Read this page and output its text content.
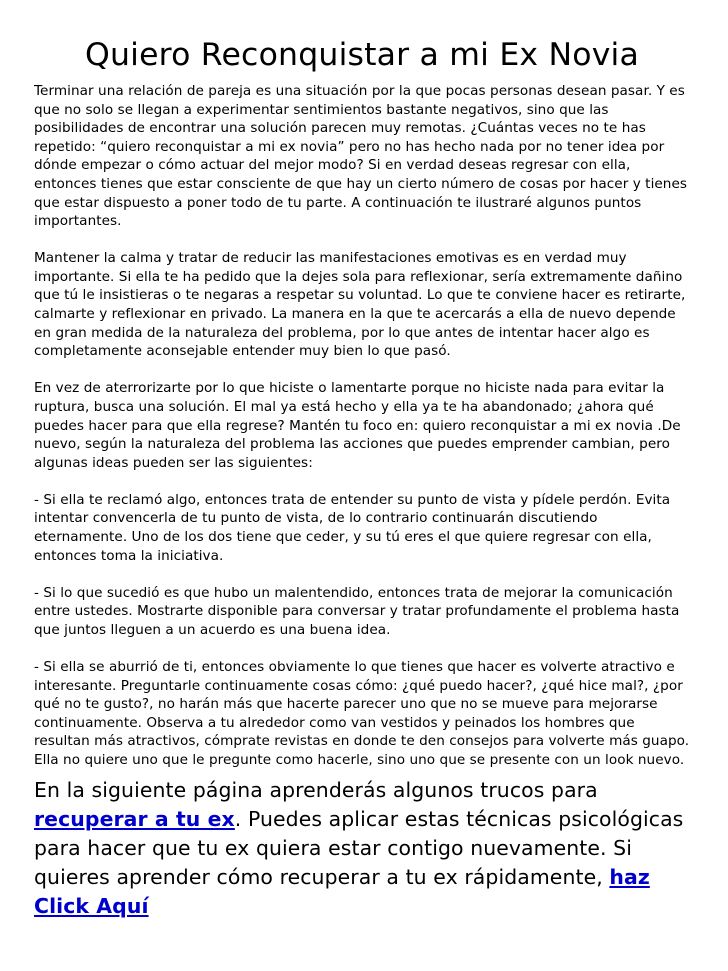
Quiero Reconquistar a mi Ex Novia

Terminar una relación de pareja es una situación por la que pocas personas desean pasar. Y es que no solo se llegan a experimentar sentimientos bastante negativos, sino que las posibilidades de encontrar una solución parecen muy remotas. ¿Cuántas veces no te has repetido: “quiero reconquistar a mi ex novia” pero no has hecho nada por no tener idea por dónde empezar o cómo actuar del mejor modo? Si en verdad deseas regresar con ella, entonces tienes que estar consciente de que hay un cierto número de cosas por hacer y tienes que estar dispuesto a poner todo de tu parte. A continuación te ilustraré algunos puntos importantes.

Mantener la calma y tratar de reducir las manifestaciones emotivas es en verdad muy importante. Si ella te ha pedido que la dejes sola para reflexionar, sería extremamente dañino que tú le insistieras o te negaras a respetar su voluntad. Lo que te conviene hacer es retirarte, calmarte y reflexionar en privado. La manera en la que te acercarás a ella de nuevo depende en gran medida de la naturaleza del problema, por lo que antes de intentar hacer algo es completamente aconsejable entender muy bien lo que pasó.

En vez de aterrorizarte por lo que hiciste o lamentarte porque no hiciste nada para evitar la ruptura, busca una solución. El mal ya está hecho y ella ya te ha abandonado; ¿ahora qué puedes hacer para que ella regrese? Mantén tu foco en: quiero reconquistar a mi ex novia .De nuevo, según la naturaleza del problema las acciones que puedes emprender cambian, pero algunas ideas pueden ser las siguientes:

- Si ella te reclamó algo, entonces trata de entender su punto de vista y pídele perdón. Evita intentar convencerla de tu punto de vista, de lo contrario continuarán discutiendo eternamente. Uno de los dos tiene que ceder, y su tú eres el que quiere regresar con ella, entonces toma la iniciativa.

- Si lo que sucedió es que hubo un malentendido, entonces trata de mejorar la comunicación entre ustedes. Mostrarte disponible para conversar y tratar profundamente el problema hasta que juntos lleguen a un acuerdo es una buena idea.

- Si ella se aburrió de ti, entonces obviamente lo que tienes que hacer es volverte atractivo e interesante. Preguntarle continuamente cosas cómo: ¿qué puedo hacer?, ¿qué hice mal?, ¿por qué no te gusto?, no harán más que hacerte parecer uno que no se mueve para mejorarse continuamente. Observa a tu alrededor como van vestidos y peinados los hombres que resultan más atractivos, cómprate revistas en donde te den consejos para volverte más guapo. Ella no quiere uno que le pregunte como hacerle, sino uno que se presente con un look nuevo.

En la siguiente página aprenderás algunos trucos para recuperar a tu ex. Puedes aplicar estas técnicas psicológicas para hacer que tu ex quiera estar contigo nuevamente. Si quieres aprender cómo recuperar a tu ex rápidamente, haz Click Aquí
